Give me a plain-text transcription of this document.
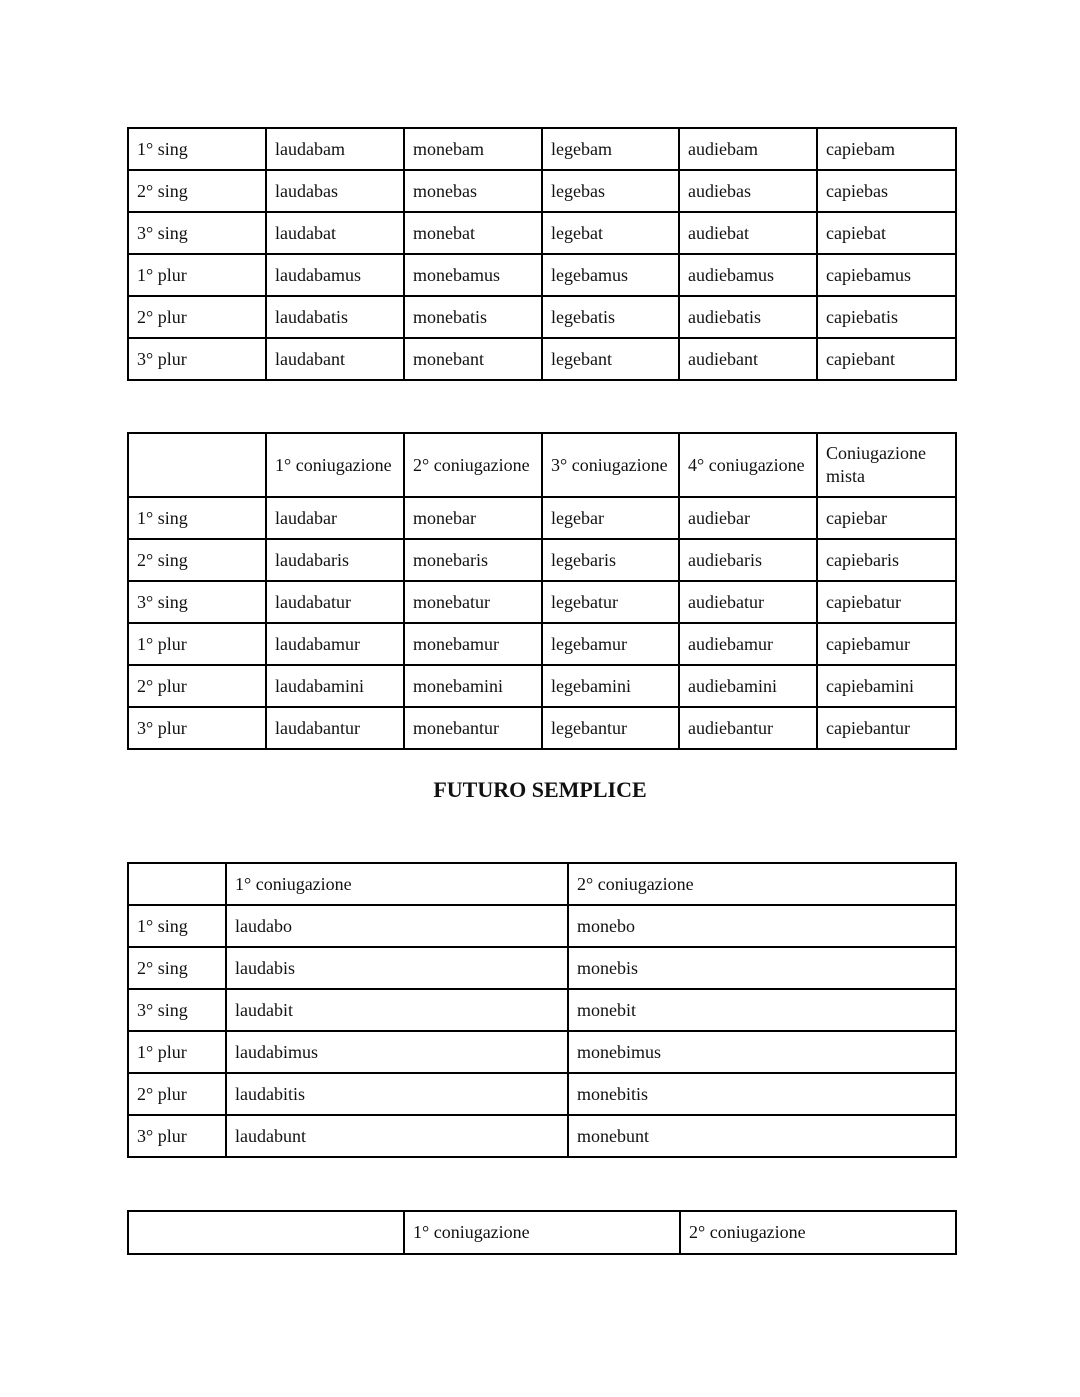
1° sing	laudabam	monebam	legebam	audiebam	capiebam
2° sing	laudabas	monebas	legebas	audiebas	capiebas
3° sing	laudabat	monebat	legebat	audiebat	capiebat
1° plur	laudabamus	monebamus	legebamus	audiebamus	capiebamus
2° plur	laudabatis	monebatis	legebatis	audiebatis	capiebatis
3° plur	laudabant	monebant	legebant	audiebant	capiebant
	1° coniugazione	2° coniugazione	3° coniugazione	4° coniugazione	Coniugazione mista
1° sing	laudabar	monebar	legebar	audiebar	capiebar
2° sing	laudabaris	monebaris	legebaris	audiebaris	capiebaris
3° sing	laudabatur	monebatur	legebatur	audiebatur	capiebatur
1° plur	laudabamur	monebamur	legebamur	audiebamur	capiebamur
2° plur	laudabamini	monebamini	legebamini	audiebamini	capiebamini
3° plur	laudabantur	monebantur	legebantur	audiebantur	capiebantur
FUTURO SEMPLICE
	1° coniugazione	2° coniugazione
1° sing	laudabo	monebo
2° sing	laudabis	monebis
3° sing	laudabit	monebit
1° plur	laudabimus	monebimus
2° plur	laudabitis	monebitis
3° plur	laudabunt	monebunt
	1° coniugazione	2° coniugazione
